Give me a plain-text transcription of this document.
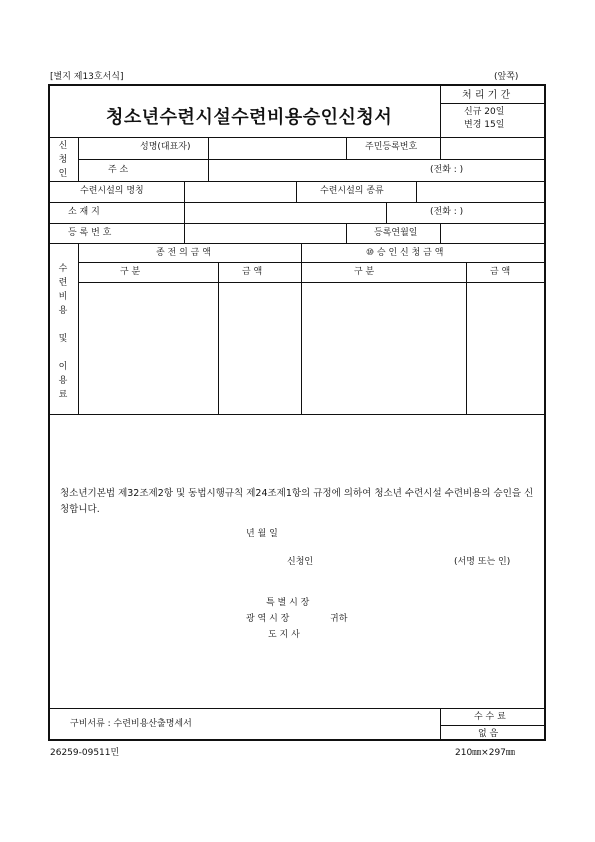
[별지 제13호서식]	(앞쪽)
청소년수련시설수련비용승인신청서
처 리 기 간
신규 20일
변경 15일
신
청
인
성명(대표자)	주민등록번호
주 소	(전화 : )
수련시설의 명칭	수련시설의 종류
소 재 지	(전화 : )
등 록 번 호	등록연월일
수
련
비
용
및
이
용
료
종 전 의 금 액	⑩ 승 인 신 청 금 액
구 분	금 액	구 분	금 액
청소년기본법 제32조제2항 및 동법시행규칙 제24조제1항의 규정에 의하여 청소년 수련시설 수련비용의 승인을 신청합니다.
년 월 일
신청인	(서명 또는 인)
특 별 시 장
광 역 시 장	귀하
도 지 사
구비서류 : 수련비용산출명세서
수 수 료
없 음
26259-09511민	210㎜×297㎜
